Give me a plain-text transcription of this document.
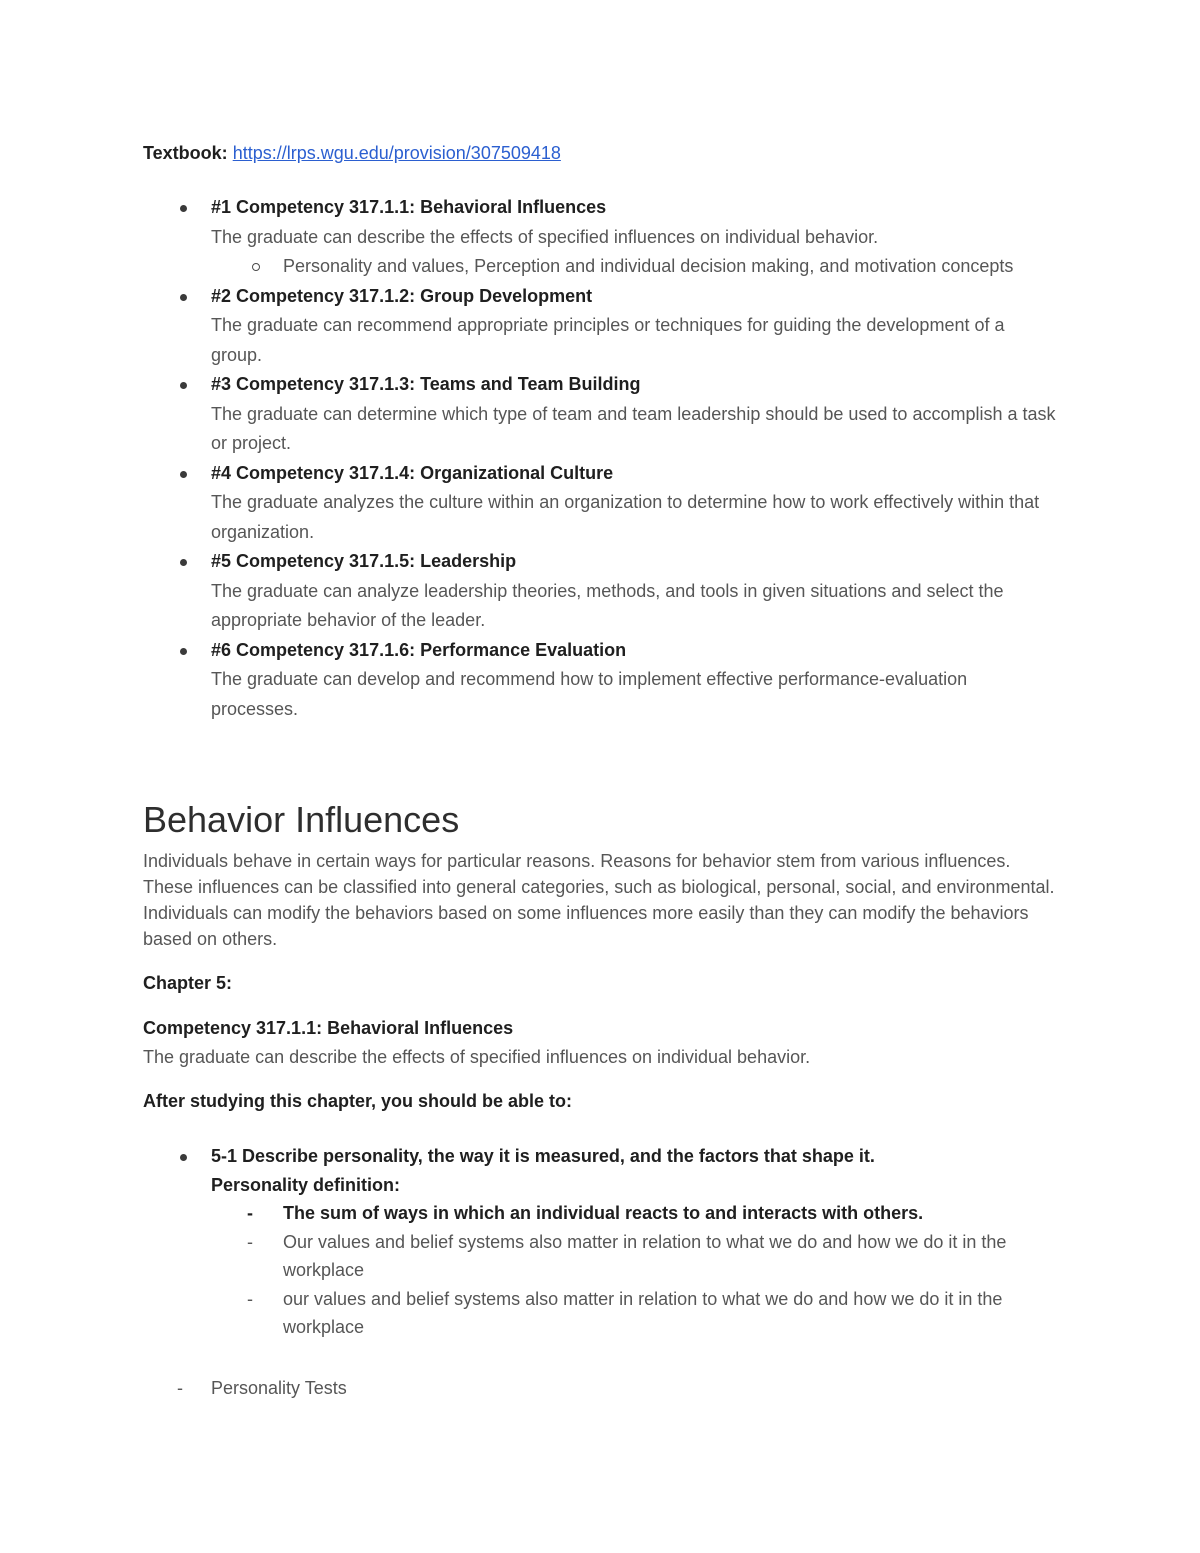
Textbook: https://lrps.wgu.edu/provision/307509418
#1 Competency 317.1.1: Behavioral Influences
The graduate can describe the effects of specified influences on individual behavior.
Personality and values, Perception and individual decision making, and motivation concepts
#2 Competency 317.1.2: Group Development
The graduate can recommend appropriate principles or techniques for guiding the development of a group.
#3 Competency 317.1.3: Teams and Team Building
The graduate can determine which type of team and team leadership should be used to accomplish a task or project.
#4 Competency 317.1.4: Organizational Culture
The graduate analyzes the culture within an organization to determine how to work effectively within that organization.
#5 Competency 317.1.5: Leadership
The graduate can analyze leadership theories, methods, and tools in given situations and select the appropriate behavior of the leader.
#6 Competency 317.1.6: Performance Evaluation
The graduate can develop and recommend how to implement effective performance-evaluation processes.
Behavior Influences

Individuals behave in certain ways for particular reasons. Reasons for behavior stem from various influences. These influences can be classified into general categories, such as biological, personal, social, and environmental. Individuals can modify the behaviors based on some influences more easily than they can modify the behaviors based on others.

Chapter 5:
Competency 317.1.1: Behavioral Influences
The graduate can describe the effects of specified influences on individual behavior.
After studying this chapter, you should be able to:
5-1 Describe personality, the way it is measured, and the factors that shape it.
Personality definition:
-	The sum of ways in which an individual reacts to and interacts with others.
-	Our values and belief systems also matter in relation to what we do and how we do it in the workplace
-	our values and belief systems also matter in relation to what we do and how we do it in the workplace
-	Personality Tests
